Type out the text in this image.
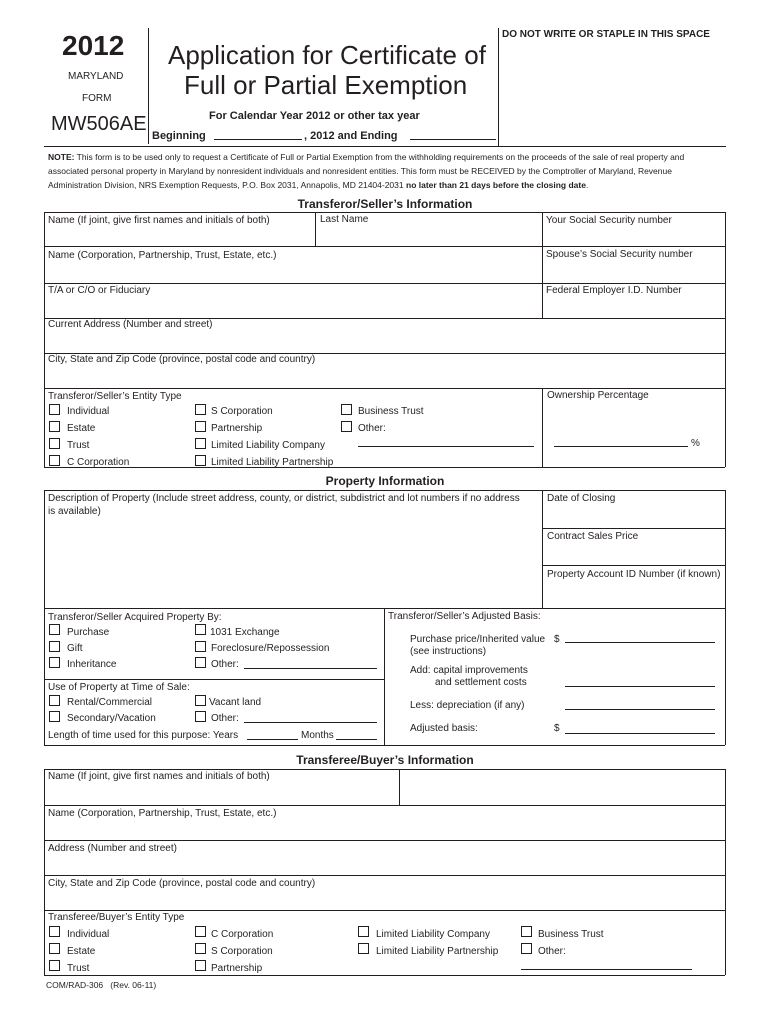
2012
MARYLAND
FORM
MW506AE
Application for Certificate of
Full or Partial Exemption
For Calendar Year 2012 or other tax year
Beginning	, 2012 and Ending
DO NOT WRITE OR STAPLE IN THIS SPACE
NOTE: This form is to be used only to request a Certificate of Full or Partial Exemption from the withholding requirements on the proceeds of the sale of real property and
associated personal property in Maryland by nonresident individuals and nonresident entities. This form must be RECEIVED by the Comptroller of Maryland, Revenue
Administration Division, NRS Exemption Requests, P.O. Box 2031, Annapolis, MD 21404-2031 no later than 21 days before the closing date.
Transferor/Seller’s Information
Name (If joint, give first names and initials of both)	Last Name	Your Social Security number
Name (Corporation, Partnership, Trust, Estate, etc.)	Spouse’s Social Security number
T/A or C/O or Fiduciary	Federal Employer I.D. Number
Current Address (Number and street)
City, State and Zip Code (province, postal code and country)
Transferor/Seller’s Entity Type
Individual
Estate
Trust
C Corporation
S Corporation
Partnership
Limited Liability Company
Limited Liability Partnership
Business Trust
Other:
Ownership Percentage
%
Property Information
Description of Property (Include street address, county, or district, subdistrict and lot numbers if no address
is available)
Date of Closing
Contract Sales Price
Property Account ID Number (if known)
Transferor/Seller Acquired Property By:
Purchase
Gift
Inheritance
1031 Exchange
Foreclosure/Repossession
Other:
Use of Property at Time of Sale:
Rental/Commercial
Secondary/Vacation
Vacant land
Other:
Length of time used for this purpose: Years	Months
Transferor/Seller’s Adjusted Basis:
Purchase price/Inherited value
(see instructions)
$
Add: capital improvements
and settlement costs
Less: depreciation (if any)
Adjusted basis:	$
Transferee/Buyer’s Information
Name (If joint, give first names and initials of both)
Name (Corporation, Partnership, Trust, Estate, etc.)
Address (Number and street)
City, State and Zip Code (province, postal code and country)
Transferee/Buyer’s Entity Type
Individual
Estate
Trust
C Corporation
S Corporation
Partnership
Limited Liability Company
Limited Liability Partnership
Business Trust
Other:
COM/RAD-306 (Rev. 06-11)
